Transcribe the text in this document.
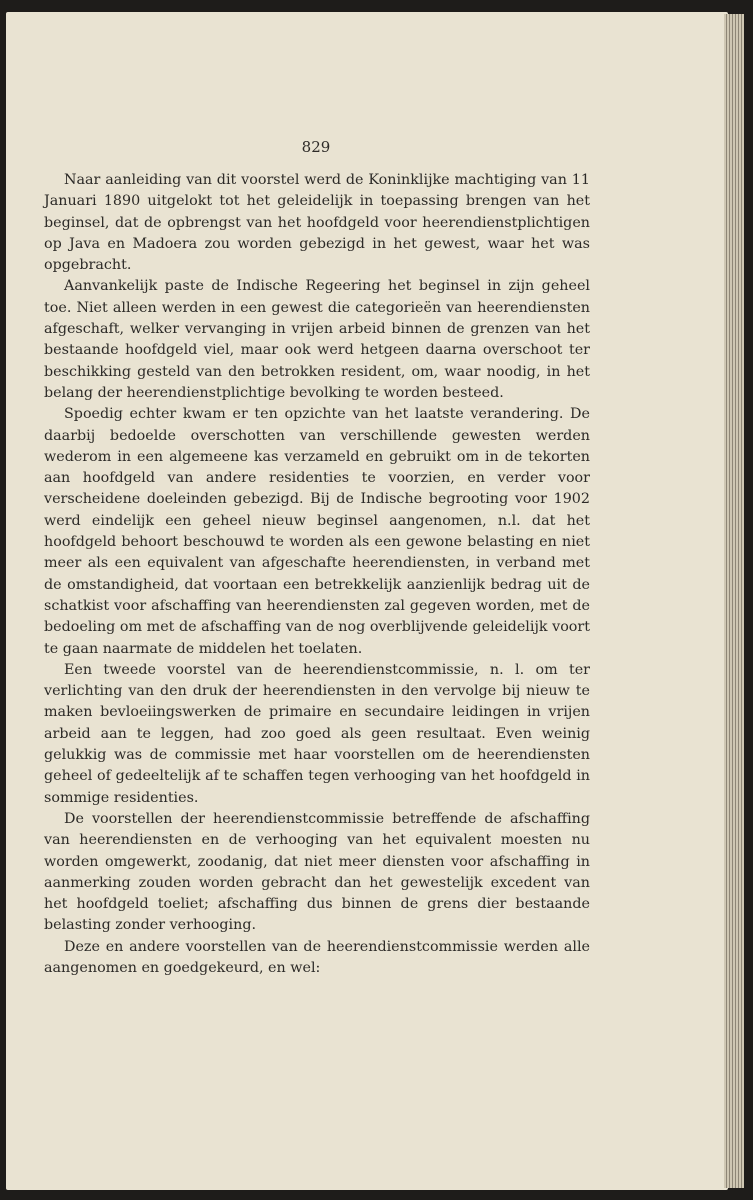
829

Naar aanleiding van dit voorstel werd de Koninklijke machtiging van 11 Januari 1890 uitgelokt tot het geleidelijk in toepassing brengen van het beginsel, dat de opbrengst van het hoofdgeld voor heerendienstplichtigen op Java en Madoera zou worden gebezigd in het gewest, waar het was opgebracht.

Aanvankelijk paste de Indische Regeering het beginsel in zijn geheel toe. Niet alleen werden in een gewest die categorieën van heerendiensten afgeschaft, welker vervanging in vrijen arbeid binnen de grenzen van het bestaande hoofdgeld viel, maar ook werd hetgeen daarna overschoot ter beschikking gesteld van den betrokken resident, om, waar noodig, in het belang der heerendienstplichtige bevolking te worden besteed.

Spoedig echter kwam er ten opzichte van het laatste verandering. De daarbij bedoelde overschotten van verschillende gewesten werden wederom in een algemeene kas verzameld en gebruikt om in de tekorten aan hoofdgeld van andere residenties te voorzien, en verder voor verscheidene doeleinden gebezigd. Bij de Indische begrooting voor 1902 werd eindelijk een geheel nieuw beginsel aangenomen, n.l. dat het hoofdgeld behoort beschouwd te worden als een gewone belasting en niet meer als een equivalent van afgeschafte heerendiensten, in verband met de omstandigheid, dat voortaan een betrekkelijk aanzienlijk bedrag uit de schatkist voor afschaffing van heerendiensten zal gegeven worden, met de bedoeling om met de afschaffing van de nog overblijvende geleidelijk voort te gaan naarmate de middelen het toelaten.

Een tweede voorstel van de heerendienstcommissie, n. l. om ter verlichting van den druk der heerendiensten in den vervolge bij nieuw te maken bevloeiingswerken de primaire en secundaire leidingen in vrijen arbeid aan te leggen, had zoo goed als geen resultaat. Even weinig gelukkig was de commissie met haar voorstellen om de heerendiensten geheel of gedeeltelijk af te schaffen tegen verhooging van het hoofdgeld in sommige residenties.

De voorstellen der heerendienstcommissie betreffende de afschaffing van heerendiensten en de verhooging van het equivalent moesten nu worden omgewerkt, zoodanig, dat niet meer diensten voor afschaffing in aanmerking zouden worden gebracht dan het gewestelijk excedent van het hoofdgeld toeliet; afschaffing dus binnen de grens dier bestaande belasting zonder verhooging.

Deze en andere voorstellen van de heerendienstcommissie werden alle aangenomen en goedgekeurd, en wel:
